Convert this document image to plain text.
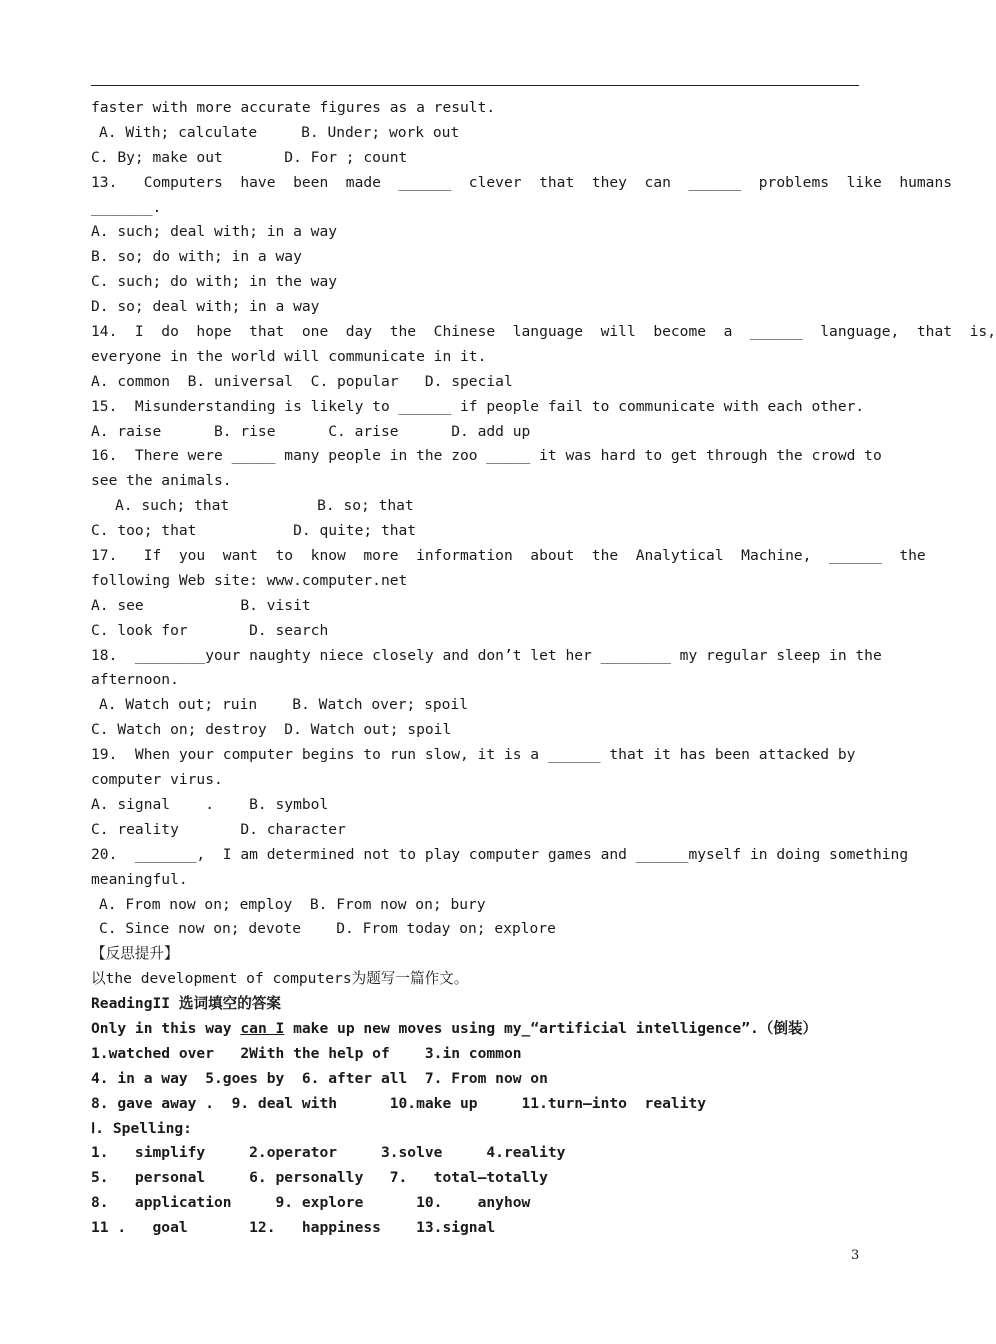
faster with more accurate figures as a result.
A. With; calculate     B. Under; work out
C. By; make out       D. For ; count
13.   Computers  have  been  made  ______  clever  that  they  can  ______  problems  like  humans
_______.
A. such; deal with; in a way
B. so; do with; in a way
C. such; do with; in the way
D. so; deal with; in a way
14.  I  do  hope  that  one  day  the  Chinese  language  will  become  a  ______  language,  that  is,
everyone in the world will communicate in it.
A. common  B. universal  C. popular   D. special
15.  Misunderstanding is likely to ______ if people fail to communicate with each other.
A. raise      B. rise      C. arise      D. add up
16.  There were _____ many people in the zoo _____ it was hard to get through the crowd to
see the animals.
A. such; that          B. so; that
C. too; that           D. quite; that
17.   If  you  want  to  know  more  information  about  the  Analytical  Machine,  ______  the
following Web site: www.computer.net
A. see           B. visit
C. look for       D. search
18.  ________your naughty niece closely and don’t let her ________ my regular sleep in the
afternoon.
A. Watch out; ruin    B. Watch over; spoil
C. Watch on; destroy  D. Watch out; spoil
19.  When your computer begins to run slow, it is a ______ that it has been attacked by
computer virus.
A. signal    .    B. symbol
C. reality       D. character
20.  _______,  I am determined not to play computer games and ______myself in doing something
meaningful.
A. From now on; employ  B. From now on; bury
C. Since now on; devote    D. From today on; explore
【反思提升】
以the development of computers为题写一篇作文。
ReadingII 选词填空的答案
Only in this way can I make up new moves using my_“artificial intelligence”.（倒装）
1.watched over   2With the help of    3.in common
4. in a way  5.goes by  6. after all  7. From now on
8. gave away .  9. deal with      10.make up     11.turn—into  reality
Ⅰ. Spelling:
1.   simplify     2.operator     3.solve     4.reality
5.   personal     6. personally   7.   total—totally
8.   application     9. explore      10.    anyhow
11 .   goal       12.   happiness    13.signal
3
